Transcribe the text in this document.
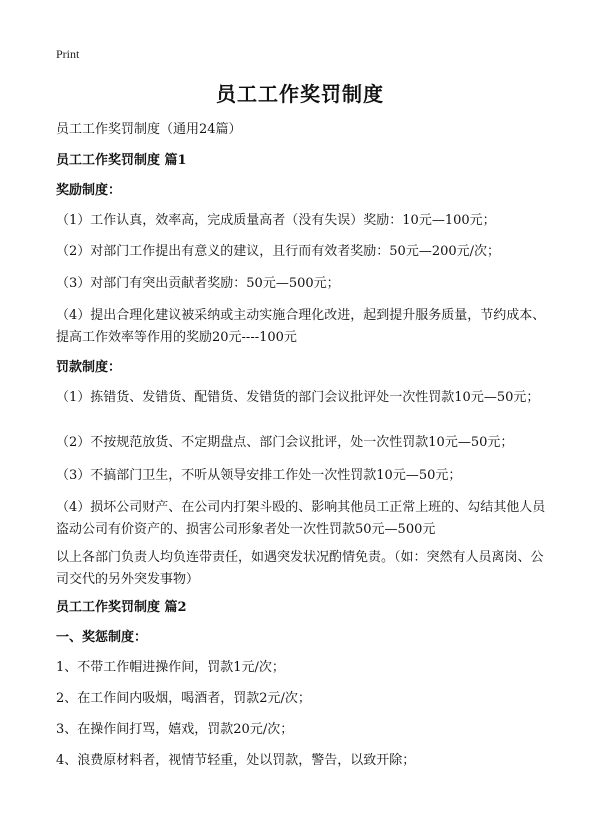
Print
员工工作奖罚制度
员工工作奖罚制度（通用24篇）
员工工作奖罚制度 篇1
奖励制度：
（1）工作认真，效率高，完成质量高者（没有失误）奖励：10元—100元；
（2）对部门工作提出有意义的建议，且行而有效者奖励：50元—200元/次；
（3）对部门有突出贡献者奖励：50元—500元；
（4）提出合理化建议被采纳或主动实施合理化改进，起到提升服务质量，节约成本、提高工作效率等作用的奖励20元----100元
罚款制度：
（1）拣错货、发错货、配错货、发错货的部门会议批评处一次性罚款10元—50元；
（2）不按规范放货、不定期盘点、部门会议批评，处一次性罚款10元—50元；
（3）不搞部门卫生，不听从领导安排工作处一次性罚款10元—50元；
（4）损坏公司财产、在公司内打架斗殴的、影响其他员工正常上班的、勾结其他人员盗动公司有价资产的、损害公司形象者处一次性罚款50元—500元
以上各部门负责人均负连带责任，如遇突发状况酌情免责。（如：突然有人员离岗、公司交代的另外突发事物）
员工工作奖罚制度 篇2
一、奖惩制度：
1、不带工作帽进操作间，罚款1元/次；
2、在工作间内吸烟，喝酒者，罚款2元/次；
3、在操作间打骂，嬉戏，罚款20元/次；
4、浪费原材料者，视情节轻重，处以罚款，警告，以致开除；
